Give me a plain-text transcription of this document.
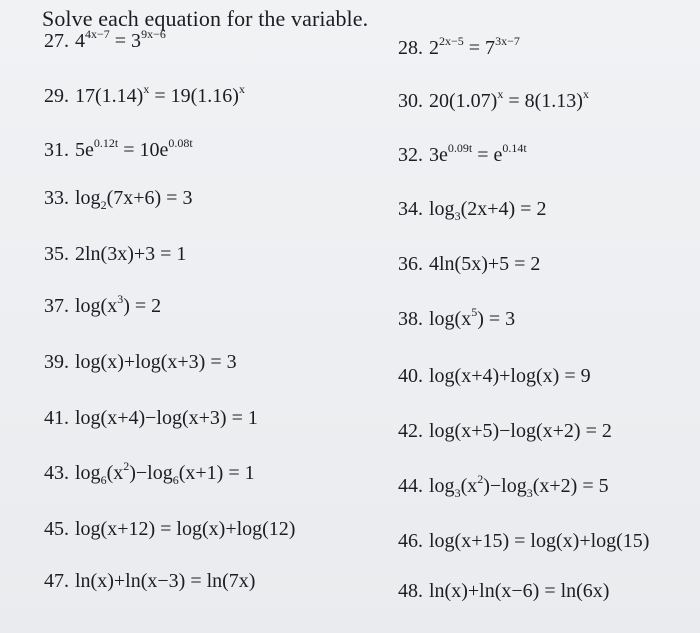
Solve each equation for the variable.
27. $4^{4x-7} = 3^{9x-6}$
28. $2^{2x-5} = 7^{3x-7}$
29. $17(1.14)^x = 19(1.16)^x$
30. $20(1.07)^x = 8(1.13)^x$
31. $5e^{0.12t} = 10e^{0.08t}$
32. $3e^{0.09t} = e^{0.14t}$
33. $\log_2(7x+6) = 3$	34. $\log_3(2x+4) = 2$
35. 2ln(3x)+3 = 1	36. 4ln(5x)+5 = 2
37. $\log(x^3) = 2$
38. $\log(x^5) = 3$
39. log(x)+log(x+3) = 3
40. log(x+4)+log(x) = 9
41. log(x+4)−log(x+3) = 1
42. log(x+5)−log(x+2) = 2
43. $\log_6(x^2)-\log_6(x+1) = 1$
44. $\log_3(x^2)-\log_3(x+2) = 5$
45. log(x+12) = log(x)+log(12)
46. log(x+15) = log(x)+log(15)
47. ln(x)+ln(x−3) = ln(7x)	48. ln(x)+ln(x−6) = ln(6x)
